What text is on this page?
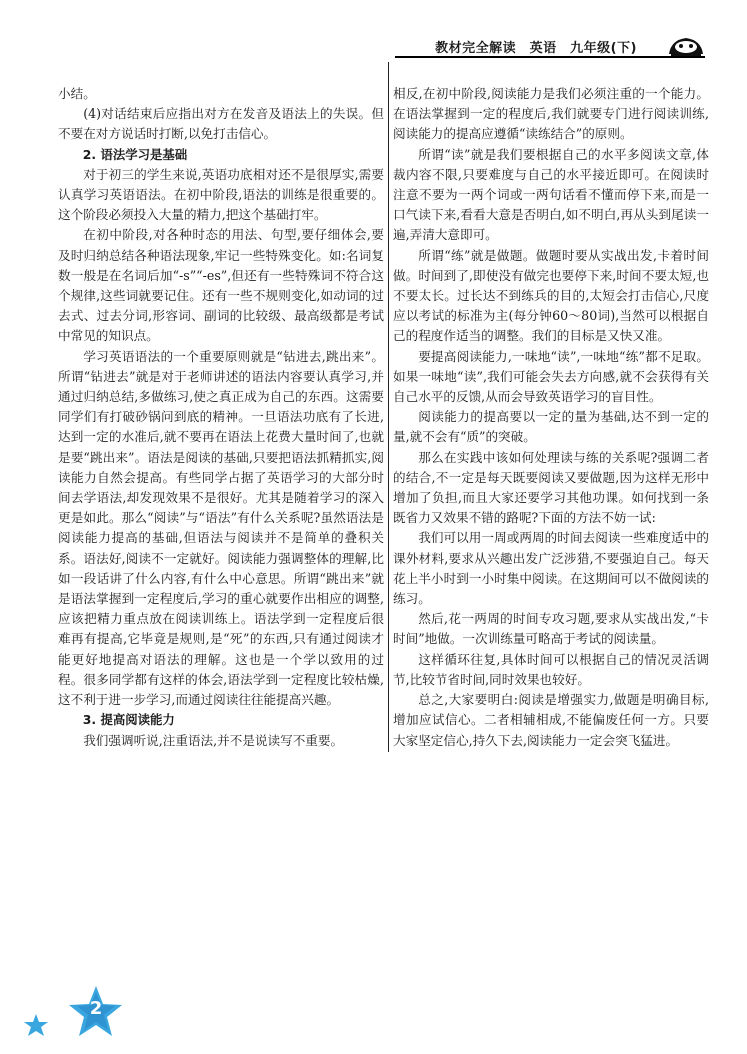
教材完全解读　英语　九年级(下)

小结。

(4)对话结束后应指出对方在发音及语法上的失误。但不要在对方说话时打断,以免打击信心。

2. 语法学习是基础

对于初三的学生来说,英语功底相对还不是很厚实,需要认真学习英语语法。在初中阶段,语法的训练是很重要的。这个阶段必须投入大量的精力,把这个基础打牢。

在初中阶段,对各种时态的用法、句型,要仔细体会,要及时归纳总结各种语法现象,牢记一些特殊变化。如:名词复数一般是在名词后加“-s”“-es”,但还有一些特殊词不符合这个规律,这些词就要记住。还有一些不规则变化,如动词的过去式、过去分词,形容词、副词的比较级、最高级都是考试中常见的知识点。

学习英语语法的一个重要原则就是“钻进去,跳出来”。所谓“钻进去”就是对于老师讲述的语法内容要认真学习,并通过归纳总结,多做练习,使之真正成为自己的东西。这需要同学们有打破砂锅问到底的精神。一旦语法功底有了长进,达到一定的水准后,就不要再在语法上花费大量时间了,也就是要“跳出来”。语法是阅读的基础,只要把语法抓精抓实,阅读能力自然会提高。有些同学占据了英语学习的大部分时间去学语法,却发现效果不是很好。尤其是随着学习的深入更是如此。那么“阅读”与“语法”有什么关系呢?虽然语法是阅读能力提高的基础,但语法与阅读并不是简单的叠积关系。语法好,阅读不一定就好。阅读能力强调整体的理解,比如一段话讲了什么内容,有什么中心意思。所谓“跳出来”就是语法掌握到一定程度后,学习的重心就要作出相应的调整,应该把精力重点放在阅读训练上。语法学到一定程度后很难再有提高,它毕竟是规则,是“死”的东西,只有通过阅读才能更好地提高对语法的理解。这也是一个学以致用的过程。很多同学都有这样的体会,语法学到一定程度比较枯燥,这不利于进一步学习,而通过阅读往往能提高兴趣。

3. 提高阅读能力

我们强调听说,注重语法,并不是说读写不重要。

相反,在初中阶段,阅读能力是我们必须注重的一个能力。在语法掌握到一定的程度后,我们就要专门进行阅读训练,阅读能力的提高应遵循“读练结合”的原则。

所谓“读”就是我们要根据自己的水平多阅读文章,体裁内容不限,只要难度与自己的水平接近即可。在阅读时注意不要为一两个词或一两句话看不懂而停下来,而是一口气读下来,看看大意是否明白,如不明白,再从头到尾读一遍,弄清大意即可。

所谓“练”就是做题。做题时要从实战出发,卡着时间做。时间到了,即使没有做完也要停下来,时间不要太短,也不要太长。过长达不到练兵的目的,太短会打击信心,尺度应以考试的标准为主(每分钟60～80词),当然可以根据自己的程度作适当的调整。我们的目标是又快又准。

要提高阅读能力,一味地“读”,一味地“练”都不足取。如果一味地“读”,我们可能会失去方向感,就不会获得有关自己水平的反馈,从而会导致英语学习的盲目性。

阅读能力的提高要以一定的量为基础,达不到一定的量,就不会有“质”的突破。

那么在实践中该如何处理读与练的关系呢?强调二者的结合,不一定是每天既要阅读又要做题,因为这样无形中增加了负担,而且大家还要学习其他功课。如何找到一条既省力又效果不错的路呢?下面的方法不妨一试:

我们可以用一周或两周的时间去阅读一些难度适中的课外材料,要求从兴趣出发广泛涉猎,不要强迫自己。每天花上半小时到一小时集中阅读。在这期间可以不做阅读的练习。

然后,花一两周的时间专攻习题,要求从实战出发,“卡时间”地做。一次训练量可略高于考试的阅读量。

这样循环往复,具体时间可以根据自己的情况灵活调节,比较节省时间,同时效果也较好。

总之,大家要明白:阅读是增强实力,做题是明确目标,增加应试信心。二者相辅相成,不能偏废任何一方。只要大家坚定信心,持久下去,阅读能力一定会突飞猛进。

2
